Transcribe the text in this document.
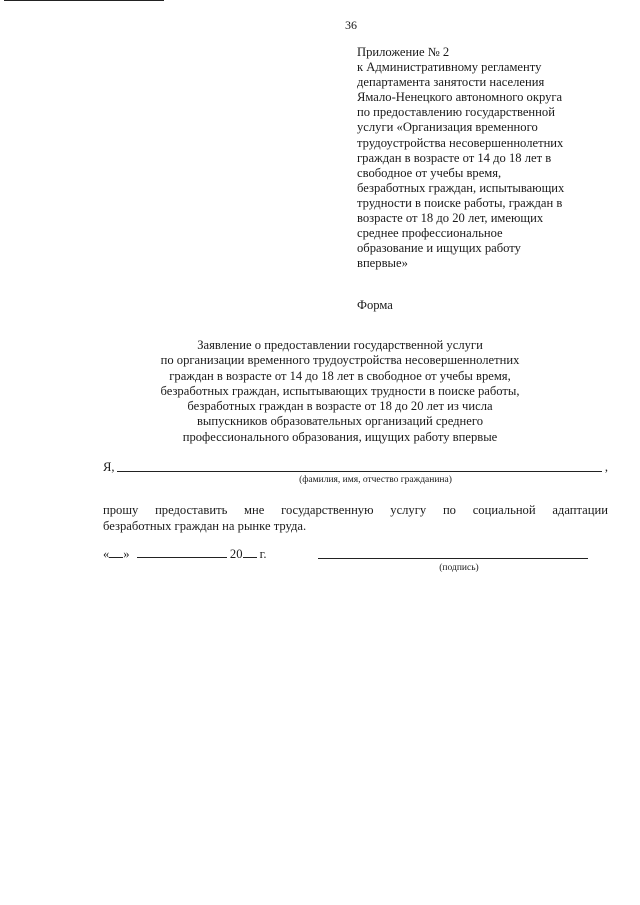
36
Приложение № 2
к Административному регламенту
департамента занятости населения
Ямало-Ненецкого автономного округа
по предоставлению государственной
услуги «Организация временного
трудоустройства несовершеннолетних
граждан в возрасте от 14 до 18 лет в
свободное от учебы время,
безработных граждан, испытывающих
трудности в поиске работы, граждан в
возрасте от 18 до 20 лет, имеющих
среднее профессиональное
образование и ищущих работу
впервые»
Форма
Заявление о предоставлении государственной услуги
по организации временного трудоустройства несовершеннолетних
граждан в возрасте от 14 до 18 лет в свободное от учебы время,
безработных граждан, испытывающих трудности в поиске работы,
безработных граждан в возрасте от 18 до 20 лет из числа
выпускников образовательных организаций среднего
профессионального образования, ищущих работу впервые
Я,	,
(фамилия, имя, отчество гражданина)
прошу предоставить мне государственную услугу по социальной адаптации
безработных граждан на рынке труда.
« »	20 г.
(подпись)
